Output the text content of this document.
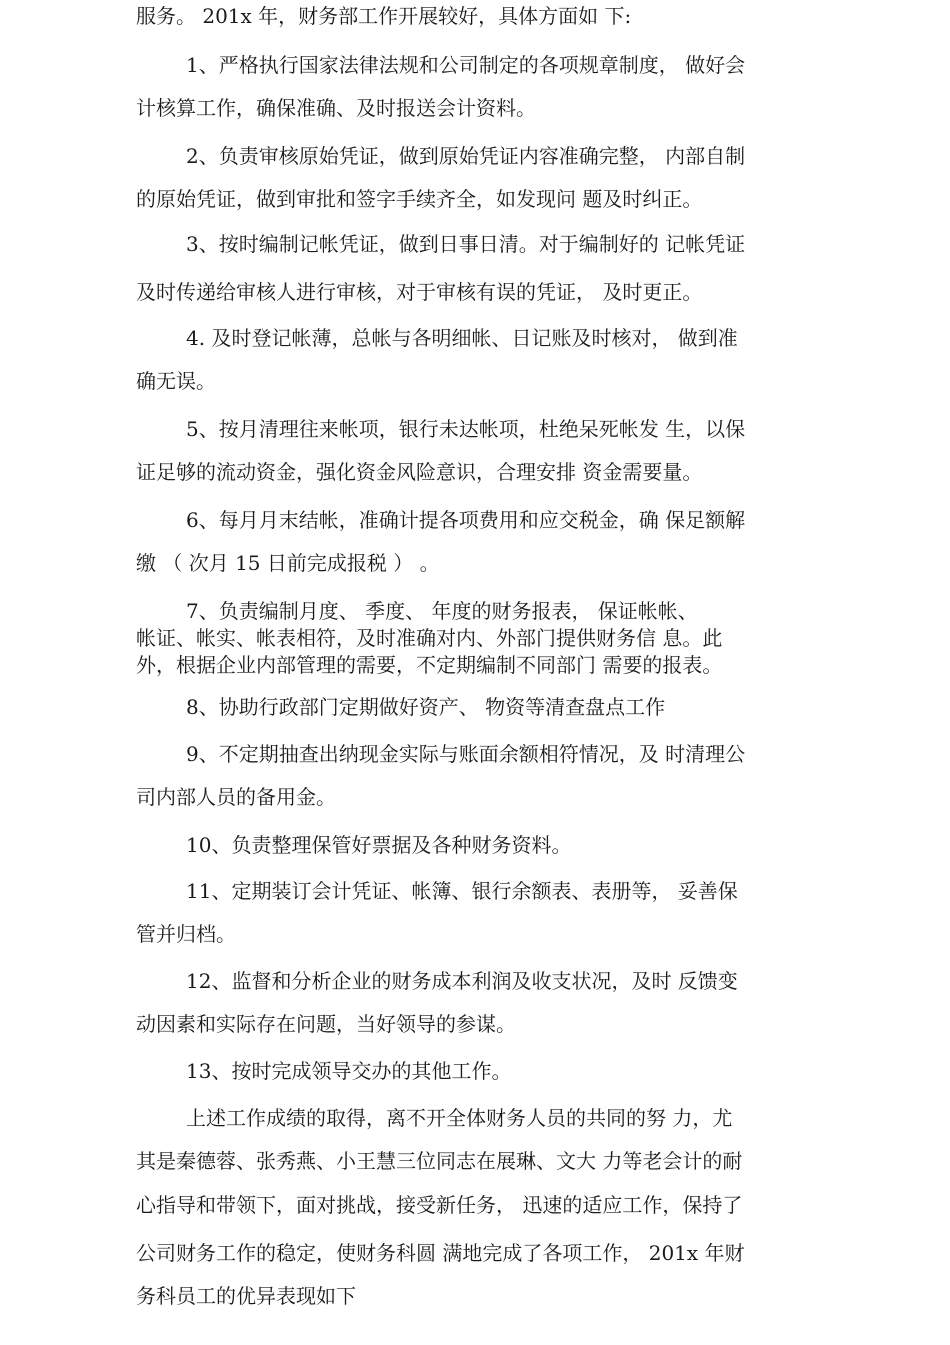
服务。 201x 年，财务部工作开展较好，具体方面如 下:

1、严格执行国家法律法规和公司制定的各项规章制度， 做好会

计核算工作，确保准确、及时报送会计资料。

2、负责审核原始凭证，做到原始凭证内容准确完整， 内部自制

的原始凭证，做到审批和签字手续齐全，如发现问 题及时纠正。

3、按时编制记帐凭证，做到日事日清。对于编制好的 记帐凭证

及时传递给审核人进行审核，对于审核有误的凭证， 及时更正。

4. 及时登记帐薄，总帐与各明细帐、日记账及时核对， 做到准

确无误。

5、按月清理往来帐项，银行未达帐项，杜绝呆死帐发 生，以保

证足够的流动资金，强化资金风险意识，合理安排 资金需要量。

6、每月月末结帐，准确计提各项费用和应交税金，确 保足额解

缴 （ 次月 15 日前完成报税 ） 。

7、负责编制月度、 季度、 年度的财务报表， 保证帐帐、

帐证、帐实、帐表相符，及时准确对内、外部门提供财务信 息。此

外，根据企业内部管理的需要，不定期编制不同部门 需要的报表。

8、协助行政部门定期做好资产、 物资等清查盘点工作

9、不定期抽查出纳现金实际与账面余额相符情况，及 时清理公

司内部人员的备用金。

10、负责整理保管好票据及各种财务资料。

11、定期装订会计凭证、帐簿、银行余额表、表册等， 妥善保

管并归档。

12、监督和分析企业的财务成本利润及收支状况，及时 反馈变

动因素和实际存在问题，当好领导的参谋。

13、按时完成领导交办的其他工作。

上述工作成绩的取得，离不开全体财务人员的共同的努 力，尤

其是秦德蓉、张秀燕、小王慧三位同志在展琳、文大 力等老会计的耐

心指导和带领下，面对挑战，接受新任务， 迅速的适应工作，保持了

公司财务工作的稳定，使财务科圆 满地完成了各项工作， 201x 年财

务科员工的优异表现如下
